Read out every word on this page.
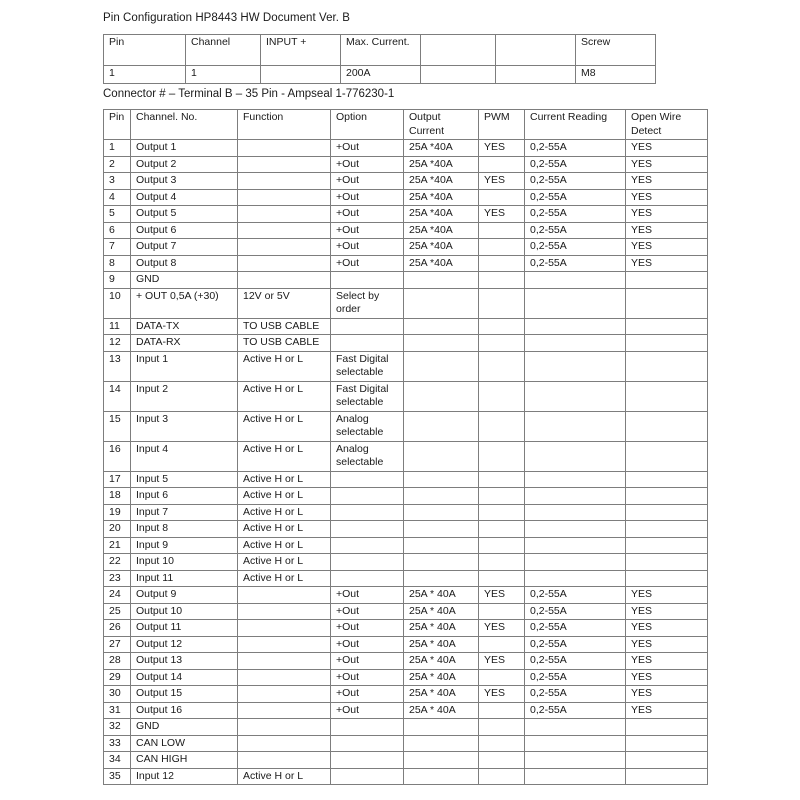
Pin Configuration HP8443 HW Document Ver. B
Pin	Channel	INPUT +	Max. Current.			Screw
1	1		200A			M8
Connector # – Terminal B – 35 Pin - Ampseal 1-776230-1
Pin	Channel. No.	Function	Option	Output Current	PWM	Current Reading	Open Wire Detect
1	Output 1		+Out	25A *40A	YES	0,2-55A	YES
2	Output 2		+Out	25A *40A		0,2-55A	YES
3	Output 3		+Out	25A *40A	YES	0,2-55A	YES
4	Output 4		+Out	25A *40A		0,2-55A	YES
5	Output 5		+Out	25A *40A	YES	0,2-55A	YES
6	Output 6		+Out	25A *40A		0,2-55A	YES
7	Output 7		+Out	25A *40A		0,2-55A	YES
8	Output 8		+Out	25A *40A		0,2-55A	YES
9	GND						
10	+ OUT 0,5A (+30)	12V or 5V	Select by order				
11	DATA-TX	TO USB CABLE					
12	DATA-RX	TO USB CABLE					
13	Input 1	Active H or L	Fast Digital selectable				
14	Input 2	Active H or L	Fast Digital selectable				
15	Input 3	Active H or L	Analog selectable				
16	Input 4	Active H or L	Analog selectable				
17	Input 5	Active H or L					
18	Input 6	Active H or L					
19	Input 7	Active H or L					
20	Input 8	Active H or L					
21	Input 9	Active H or L					
22	Input 10	Active H or L					
23	Input 11	Active H or L					
24	Output 9		+Out	25A * 40A	YES	0,2-55A	YES
25	Output 10		+Out	25A * 40A		0,2-55A	YES
26	Output 11		+Out	25A * 40A	YES	0,2-55A	YES
27	Output 12		+Out	25A * 40A		0,2-55A	YES
28	Output 13		+Out	25A * 40A	YES	0,2-55A	YES
29	Output 14		+Out	25A * 40A		0,2-55A	YES
30	Output 15		+Out	25A * 40A	YES	0,2-55A	YES
31	Output 16		+Out	25A * 40A		0,2-55A	YES
32	GND						
33	CAN LOW						
34	CAN HIGH						
35	Input 12	Active H or L					
